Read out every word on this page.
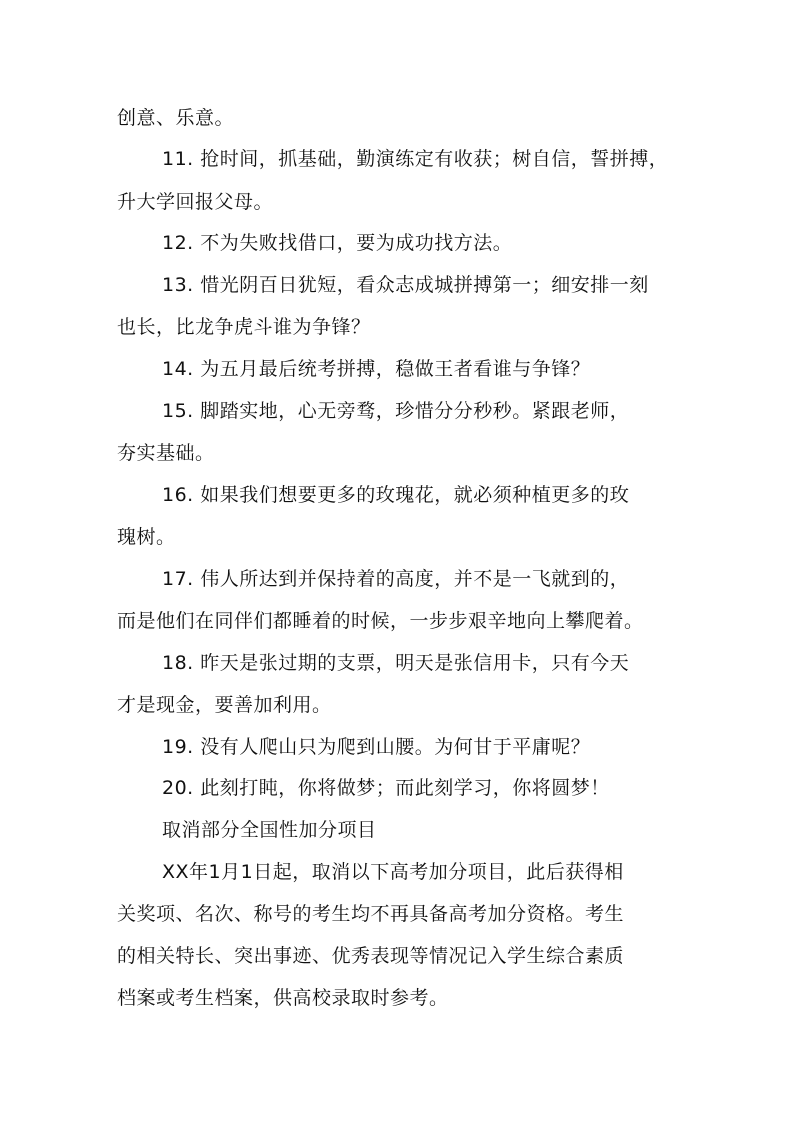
创意、乐意。
11. 抢时间，抓基础，勤演练定有收获；树自信，誓拼搏，
升大学回报父母。
12. 不为失败找借口，要为成功找方法。
13. 惜光阴百日犹短，看众志成城拼搏第一；细安排一刻
也长，比龙争虎斗谁为争锋？
14. 为五月最后统考拼搏，稳做王者看谁与争锋？
15. 脚踏实地，心无旁骛，珍惜分分秒秒。紧跟老师，
夯实基础。
16. 如果我们想要更多的玫瑰花，就必须种植更多的玫
瑰树。
17. 伟人所达到并保持着的高度，并不是一飞就到的，
而是他们在同伴们都睡着的时候，一步步艰辛地向上攀爬着。
18. 昨天是张过期的支票，明天是张信用卡，只有今天
才是现金，要善加利用。
19. 没有人爬山只为爬到山腰。为何甘于平庸呢？
20. 此刻打盹，你将做梦；而此刻学习，你将圆梦！
取消部分全国性加分项目
XX年1月1日起，取消以下高考加分项目，此后获得相
关奖项、名次、称号的考生均不再具备高考加分资格。考生
的相关特长、突出事迹、优秀表现等情况记入学生综合素质
档案或考生档案，供高校录取时参考。
